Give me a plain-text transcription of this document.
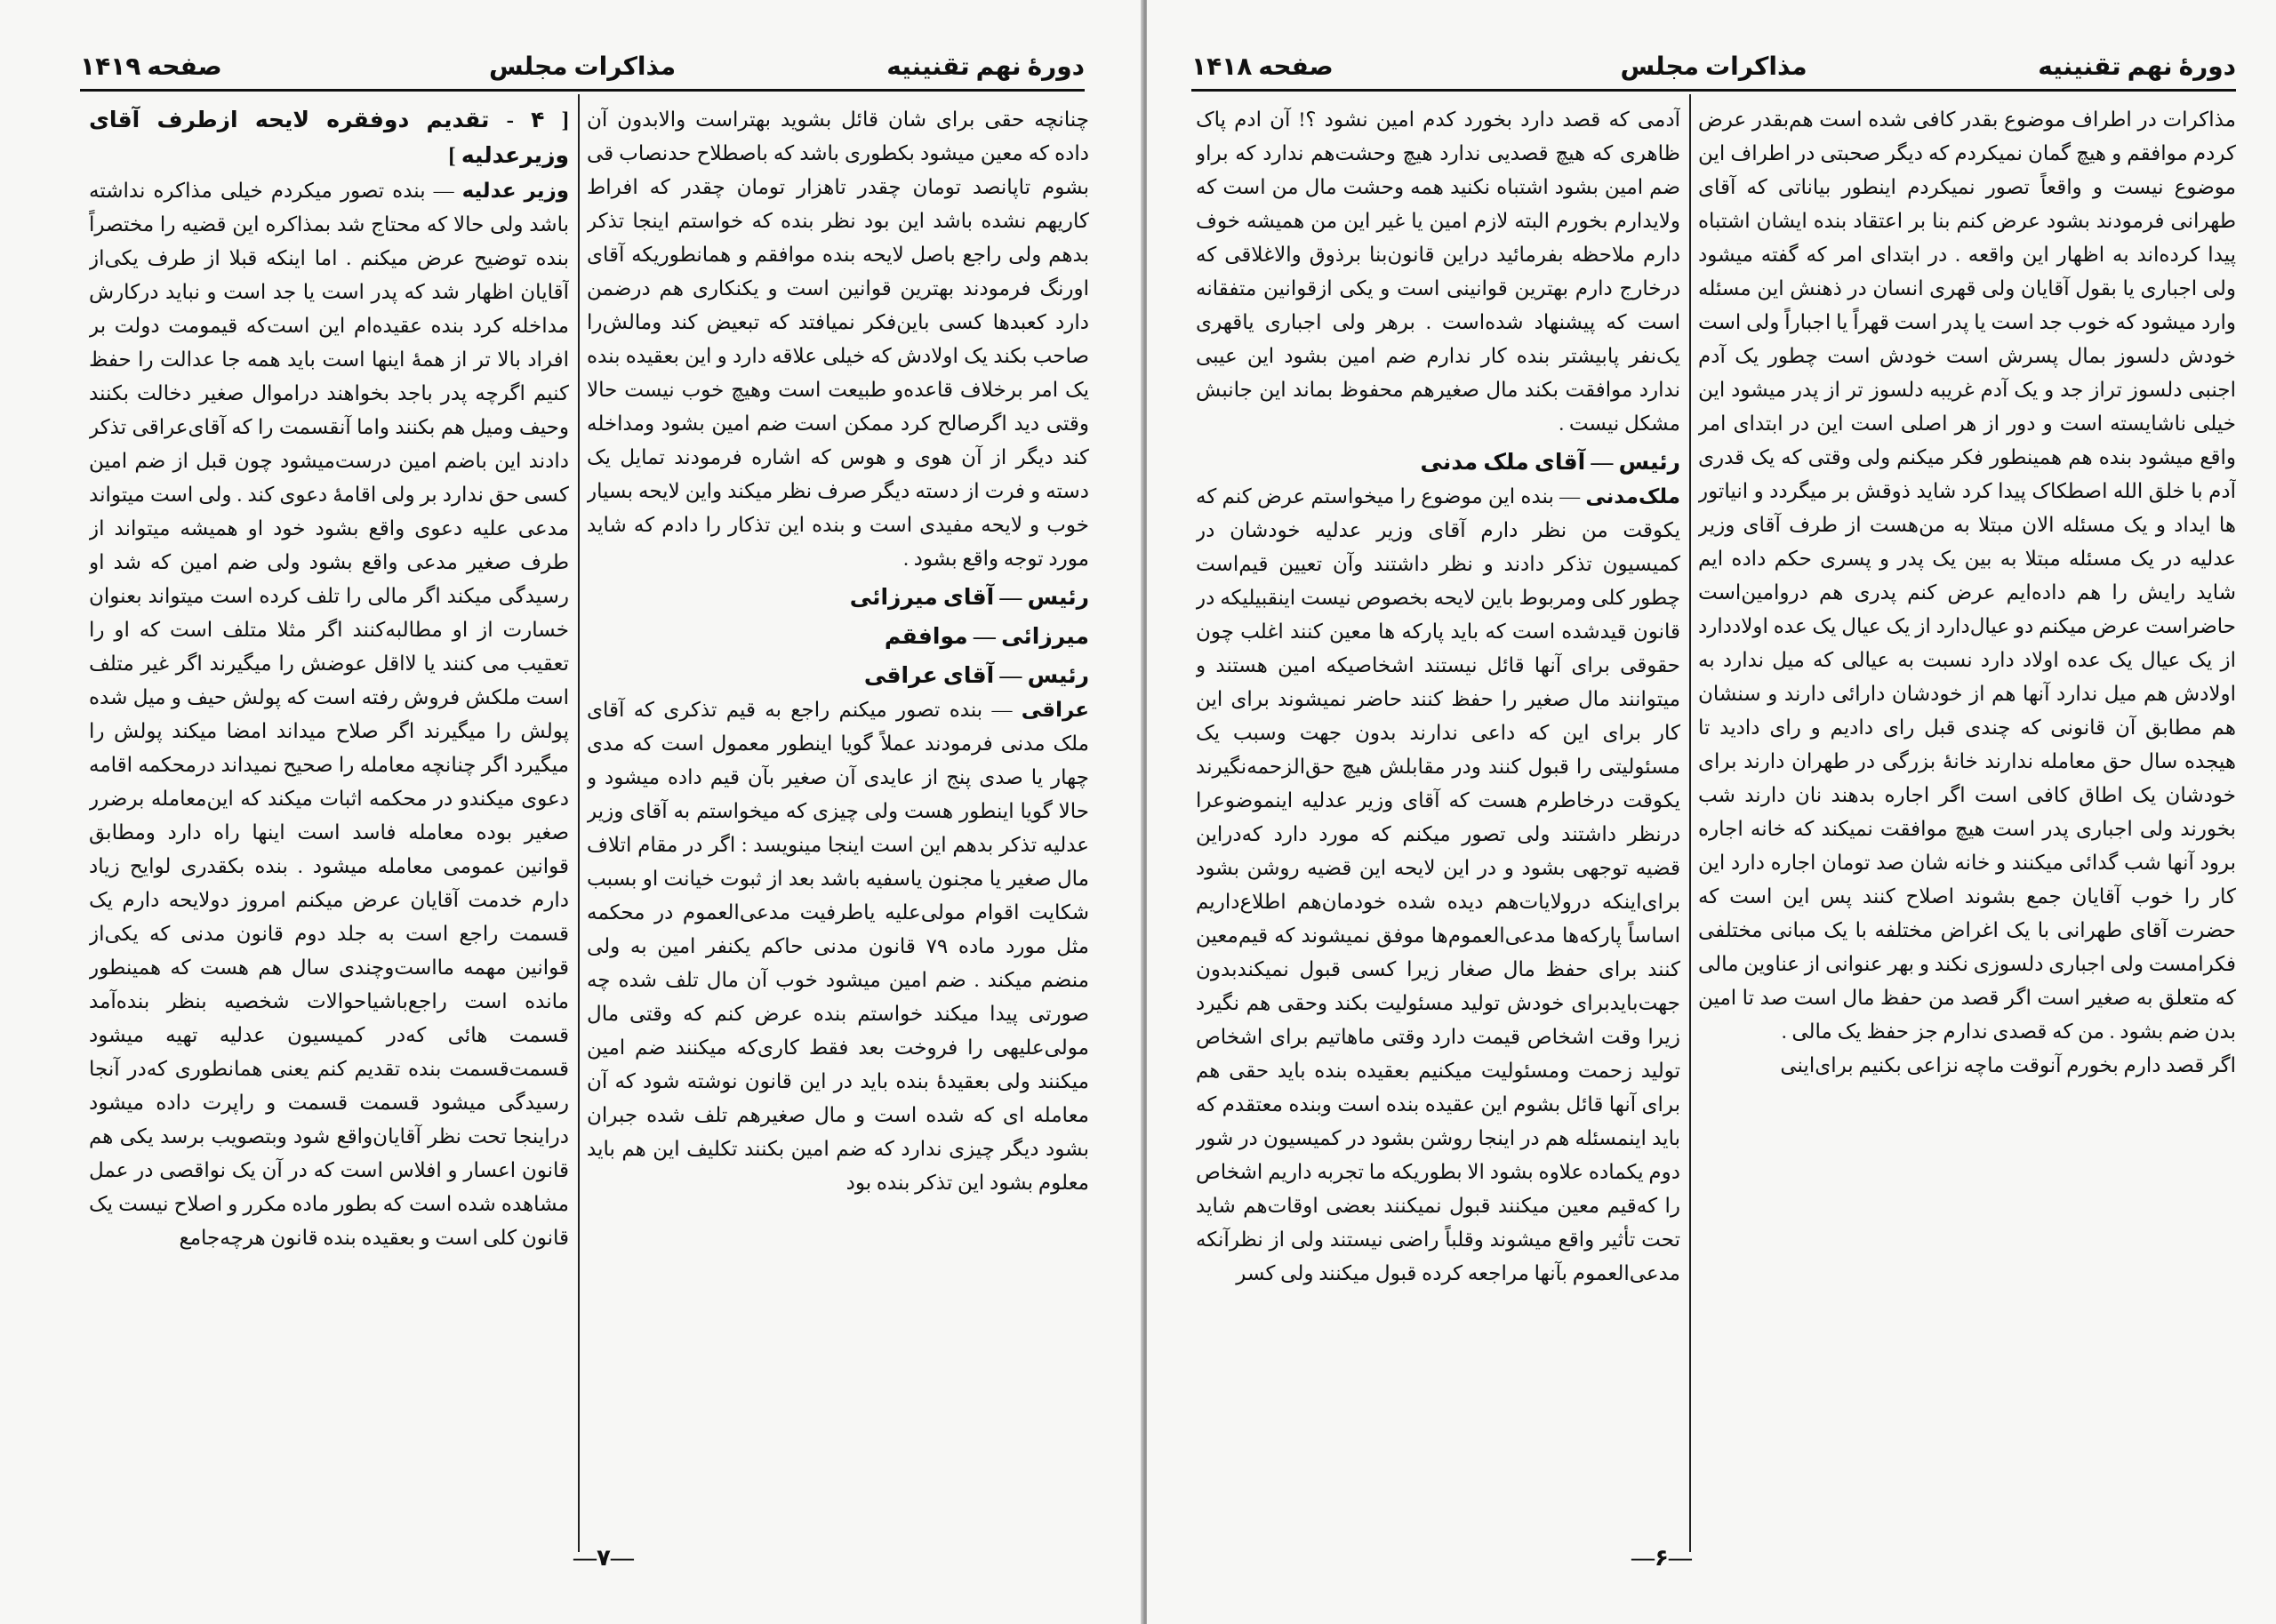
دورهٔ نهم تقنینیه
مذاکرات مجلس
صفحه ۱۴۱۹

چنانچه حقی برای شان قائل بشوید بهتراست والابدون آن داده که معین میشود بکطوری باشد که باصطلاح حدنصاب قی بشوم تاپانصد تومان چقدر تاهزار تومان چقدر که افراط کاریهم نشده باشد این بود نظر بنده که خواستم اینجا تذکر بدهم ولی راجع باصل لایحه بنده موافقم و همانطوریکه آقای اورنگ فرمودند بهترین قوانین است و یکنکاری هم درضمن دارد کعبدها کسی باین‌فکر نمیافتد که تبعیض کند ومالش‌را صاحب بکند یک اولادش که خیلی علاقه دارد و این بعقیده بنده یک امر برخلاف قاعده‌و طبیعت است وهیچ خوب نیست حالا وقتی دید اگرصالح کرد ممکن است ضم امین بشود ومداخله کند دیگر از آن هوی و هوس که اشاره فرمودند تمایل یک دسته و فرت از دسته دیگر صرف نظر میکند واین لایحه بسیار خوب و لایحه مفیدی است و بنده این تذکار را دادم که شاید مورد توجه واقع بشود .

رئیس — آقای میرزائی

میرزائی — موافقم

رئیس — آقای عراقی

عراقی — بنده تصور میکنم راجع به قیم تذکری که آقای ملک مدنی فرمودند عملاً گویا اینطور معمول است که مدی چهار یا صدی پنج از عایدی آن صغیر بآن قیم داده میشود و حالا گویا اینطور هست ولی چیزی که میخواستم به آقای وزیر عدلیه تذکر بدهم این است اینجا مینویسد : اگر در مقام اتلاف مال صغیر یا مجنون یاسفیه باشد بعد از ثبوت خیانت او بسبب شکایت اقوام مولی‌علیه یاطرفیت مدعی‌العموم در محکمه مثل مورد ماده ۷۹ قانون مدنی حاکم یکنفر امین به ولی منضم میکند . ضم امین میشود خوب آن مال تلف شده چه صورتی پیدا میکند خواستم بنده عرض کنم که وقتی مال مولی‌علیهی را فروخت بعد فقط کاری‌که میکنند ضم امین میکنند ولی بعقیدهٔ بنده باید در این قانون نوشته شود که آن معامله ای که شده است و مال صغیرهم تلف شده جبران بشود دیگر چیزی ندارد که ضم امین بکنند تکلیف این هم باید معلوم بشود این تذکر بنده بود

[ ۴ - تقدیم دوفقره لایحه ازطرف آقای وزیرعدلیه ]

وزیر عدلیه — بنده تصور میکردم خیلی مذاکره نداشته باشد ولی حالا که محتاج شد بمذاکره این قضیه را مختصراً بنده توضیح عرض میکنم . اما اینکه قبلا از طرف یکی‌از آقایان اظهار شد که پدر است یا جد است و نباید درکارش مداخله کرد بنده عقیده‌ام این است‌که قیمومت دولت بر افراد بالا تر از همهٔ اینها است باید همه جا عدالت را حفظ کنیم اگرچه پدر باجد بخواهند دراموال صغیر دخالت بکنند وحیف ومیل هم بکنند واما آنقسمت را که آقای‌عراقی تذکر دادند این باضم امین درست‌میشود چون قبل از ضم امین کسی حق ندارد بر ولی اقامهٔ دعوی کند . ولی است میتواند مدعی علیه دعوی واقع بشود خود او همیشه میتواند از طرف صغیر مدعی واقع بشود ولی ضم امین که شد او رسیدگی میکند اگر مالی را تلف کرده است میتواند بعنوان خسارت از او مطالبه‌کنند اگر مثلا متلف است که او را تعقیب می کنند یا لااقل عوضش را میگیرند اگر غیر متلف است ملکش فروش رفته است که پولش حیف و میل شده پولش را میگیرند اگر صلاح میداند امضا میکند پولش را میگیرد اگر چنانچه معامله را صحیح نمیداند درمحکمه اقامه دعوی میکندو در محکمه اثبات میکند که این‌معامله برضرر صغیر بوده معامله فاسد است اینها راه دارد ومطابق قوانین عمومی معامله میشود . بنده بکقدری لوایح زیاد دارم خدمت آقایان عرض میکنم امروز دولایحه دارم یک قسمت راجع است به جلد دوم قانون مدنی که یکی‌از قوانین مهمه مااست‌وچندی سال هم هست که همینطور مانده است راجع‌باشیاحوالات شخصیه بنظر بنده‌آمد قسمت هائی که‌در کمیسیون عدلیه تهیه میشود قسمت‌قسمت بنده تقدیم کنم یعنی همانطوری که‌در آنجا رسیدگی میشود قسمت قسمت و راپرت داده میشود دراینجا تحت نظر آقایان‌واقع شود وبتصویب برسد یکی هم قانون اعسار و افلاس است که در آن یک نواقصی در عمل مشاهده شده است که بطور ماده مکرر و اصلاح نیست یک قانون کلی است و بعقیده بنده قانون هرچه‌جامع

—۷—
دورهٔ نهم تقنینیه
مذاکرات مجلس
صفحه ۱۴۱۸

مذاکرات در اطراف موضوع بقدر کافی شده است هم‌بقدر عرض کردم موافقم و هیچ گمان نمیکردم که دیگر صحبتی در اطراف این موضوع نیست و واقعاً تصور نمیکردم اینطور بیاناتی که آقای طهرانی فرمودند بشود عرض کنم بنا بر اعتقاد بنده ایشان اشتباه پیدا کرده‌اند به اظهار این واقعه . در ابتدای امر که گفته میشود ولی اجباری یا بقول آقایان ولی قهری انسان در ذهنش این مسئله وارد میشود که خوب جد است یا پدر است قهراً یا اجباراً ولی است خودش دلسوز بمال پسرش است خودش است چطور یک آدم اجنبی دلسوز تراز جد و یک آدم غریبه دلسوز تر از پدر میشود این خیلی ناشایسته است و دور از هر اصلی است این در ابتدای امر واقع میشود بنده هم همینطور فکر میکنم ولی وقتی که یک قدری آدم با خلق الله اصطکاک پیدا کرد شاید ذوقش بر میگردد و انیاتور ها ایداد و یک مسئله الان مبتلا به من‌هست از طرف آقای وزیر عدلیه در یک مسئله مبتلا به بین یک پدر و پسری حکم داده ایم شاید رایش را هم داده‌ایم عرض کنم پدری هم دروامین‌است حاضراست عرض میکنم دو عیال‌دارد از یک عیال یک عده اولاددارد از یک عیال یک عده اولاد دارد نسبت به عیالی که میل ندارد به اولادش هم میل ندارد آنها هم از خودشان دارائی دارند و سنشان هم مطابق آن قانونی که چندی قبل رای دادیم و رای دادید تا هیجده سال حق معامله ندارند خانهٔ بزرگی در طهران دارند برای خودشان یک اطاق کافی است اگر اجاره بدهند نان دارند شب بخورند ولی اجباری پدر است هیچ موافقت نمیکند که خانه اجاره برود آنها شب گدائی میکنند و خانه شان صد تومان اجاره دارد این کار را خوب آقایان جمع بشوند اصلاح کنند پس این است که حضرت آقای طهرانی با یک اغراض مختلفه با یک مبانی مختلفی فکرامست ولی اجباری دلسوزی نکند و بهر عنوانی از عناوین مالی که متعلق به صغیر است اگر قصد من حفظ مال است صد تا امین بدن ضم بشود . من که قصدی ندارم جز حفظ یک مالی .

اگر قصد دارم بخورم آنوقت ماچه نزاعی بکنیم برای‌اینی

آدمی که قصد دارد بخورد کدم امین نشود ؟! آن ادم پاک ظاهری که هیچ قصدیی ندارد هیچ وحشت‌هم ندارد که براو ضم امین بشود اشتباه نکنید همه وحشت مال من است که ولایدارم بخورم البته لازم امین یا غیر این من همیشه خوف دارم ملاحظه بفرمائید دراین قانون‌بنا برذوق والاغلاقی که درخارج دارم بهترین قوانینی است و یکی ازقوانین متفقانه است که پیشنهاد شده‌است . برهر ولی اجباری یاقهری یک‌نفر پابیشتر بنده کار ندارم ضم امین بشود این عیبی ندارد موافقت بکند مال صغیرهم محفوظ بماند این جانبش مشکل نیست .

رئیس — آقای ملک مدنی

ملک‌مدنی — بنده این موضوع را میخواستم عرض کنم که یکوقت من نظر دارم آقای وزیر عدلیه خودشان در کمیسیون تذکر دادند و نظر داشتند وآن تعیین قیم‌است چطور کلی ومربوط باین لایحه بخصوص نیست اینقبیلیکه در قانون قیدشده است که باید پارکه ها معین کنند اغلب چون حقوقی برای آنها قائل نیستند اشخاصیکه امین هستند و میتوانند مال صغیر را حفظ کنند حاضر نمیشوند برای این کار برای این که داعی ندارند بدون جهت وسبب یک مسئولیتی را قبول کنند ودر مقابلش هیچ حق‌الزحمه‌نگیرند یکوقت درخاطرم هست که آقای وزیر عدلیه اینموضوعرا درنظر داشتند ولی تصور میکنم که مورد دارد که‌دراین قضیه توجهی بشود و در این لایحه این قضیه روشن بشود برای‌اینکه درولایات‌هم دیده شده خودمان‌هم اطلاع‌داریم اساساً پارکه‌ها مدعی‌العموم‌ها موفق نمیشوند که قیم‌معین کنند برای حفظ مال صغار زیرا کسی قبول نمیکندبدون جهت‌بایدبرای خودش تولید مسئولیت بکند وحقی هم نگیرد زیرا وقت اشخاص قیمت دارد وقتی ماهاتیم برای اشخاص تولید زحمت ومسئولیت میکنیم بعقیده بنده باید حقی هم برای آنها قائل بشوم این عقیده بنده است وبنده معتقدم که باید اینمسئله هم در اینجا روشن بشود در کمیسیون در شور دوم یکماده علاوه بشود الا بطوریکه ما تجربه داریم اشخاص را که‌قیم معین میکنند قبول نمیکنند بعضی اوقات‌هم شاید تحت تأثیر واقع میشوند وقلباً راضی نیستند ولی از نظرآنکه مدعی‌العموم بآنها مراجعه کرده قبول میکنند ولی کسر

—۶—
